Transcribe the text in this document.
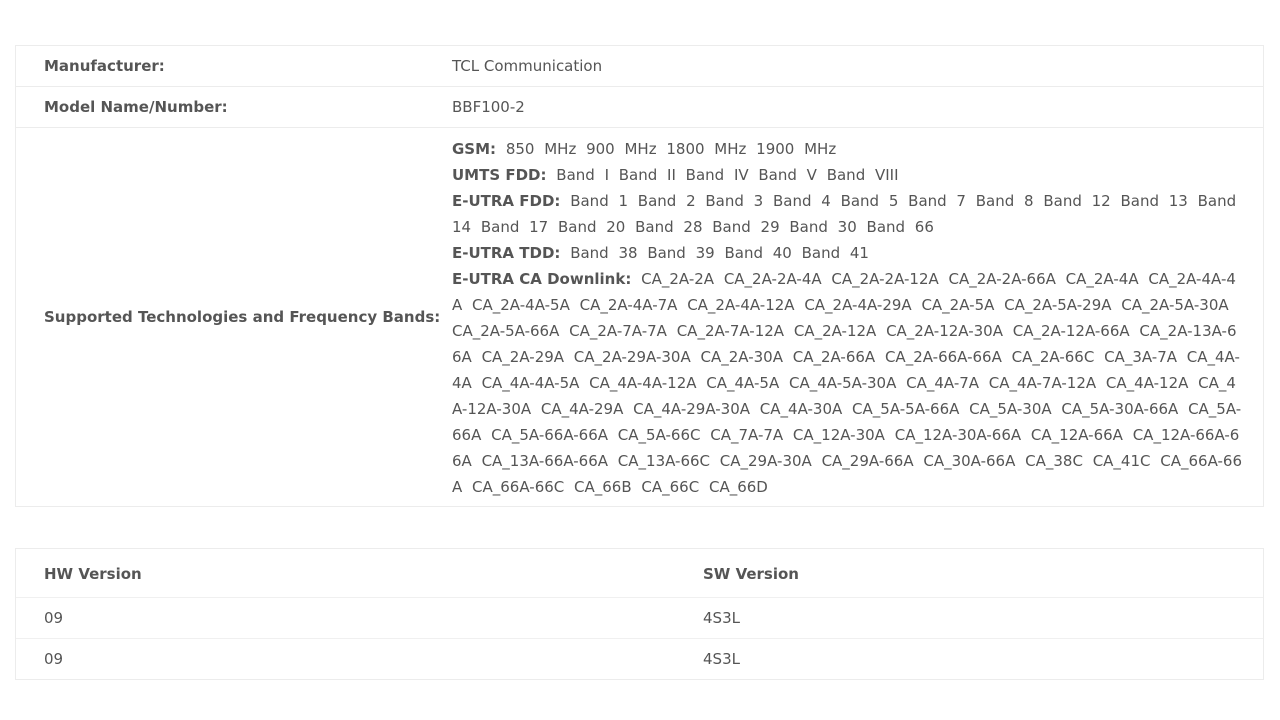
Manufacturer:	TCL Communication
Model Name/Number:	BBF100-2
Supported Technologies and Frequency Bands:
GSM: 850 MHz 900 MHz 1800 MHz 1900 MHz
UMTS FDD: Band I Band II Band IV Band V Band VIII
E-UTRA FDD: Band 1 Band 2 Band 3 Band 4 Band 5 Band 7 Band 8 Band 12 Band 13 Band 14 Band 17 Band 20 Band 28 Band 29 Band 30 Band 66
E-UTRA TDD: Band 38 Band 39 Band 40 Band 41
E-UTRA CA Downlink: CA_2A-2A CA_2A-2A-4A CA_2A-2A-12A CA_2A-2A-66A CA_2A-4A CA_2A-4A-4A CA_2A-4A-5A CA_2A-4A-7A CA_2A-4A-12A CA_2A-4A-29A CA_2A-5A CA_2A-5A-29A CA_2A-5A-30A CA_2A-5A-66A CA_2A-7A-7A CA_2A-7A-12A CA_2A-12A CA_2A-12A-30A CA_2A-12A-66A CA_2A-13A-66A CA_2A-29A CA_2A-29A-30A CA_2A-30A CA_2A-66A CA_2A-66A-66A CA_2A-66C CA_3A-7A CA_4A-4A CA_4A-4A-5A CA_4A-4A-12A CA_4A-5A CA_4A-5A-30A CA_4A-7A CA_4A-7A-12A CA_4A-12A CA_4A-12A-30A CA_4A-29A CA_4A-29A-30A CA_4A-30A CA_5A-5A-66A CA_5A-30A CA_5A-30A-66A CA_5A-66A CA_5A-66A-66A CA_5A-66C CA_7A-7A CA_12A-30A CA_12A-30A-66A CA_12A-66A CA_12A-66A-66A CA_13A-66A-66A CA_13A-66C CA_29A-30A CA_29A-66A CA_30A-66A CA_38C CA_41C CA_66A-66A CA_66A-66C CA_66B CA_66C CA_66D
HW Version	SW Version
09	4S3L
09	4S3L
